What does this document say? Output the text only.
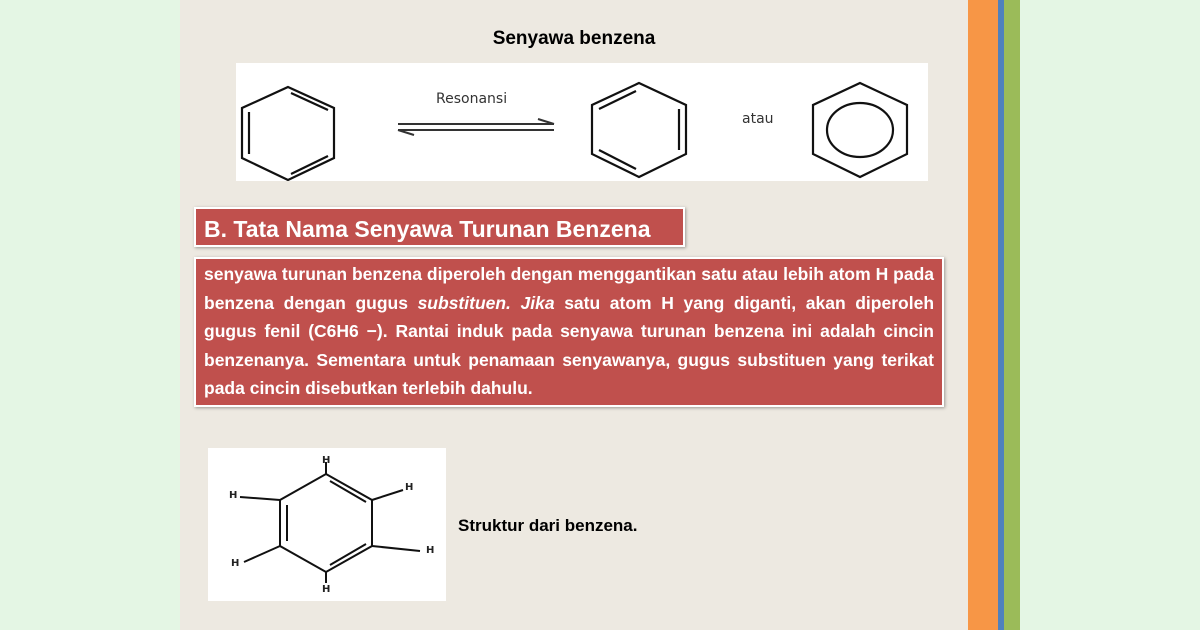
Senyawa benzena
Resonansi
atau
B. Tata Nama Senyawa Turunan Benzena
senyawa turunan benzena diperoleh dengan menggantikan satu atau lebih atom H pada benzena dengan gugus substituen. Jika satu atom H yang diganti, akan diperoleh gugus fenil (C6H6 −). Rantai induk pada senyawa turunan benzena ini adalah cincin benzenanya. Sementara untuk penamaan senyawanya, gugus substituen yang terikat pada cincin disebutkan terlebih dahulu.
H
H
H
H
H
H
Struktur dari benzena.
